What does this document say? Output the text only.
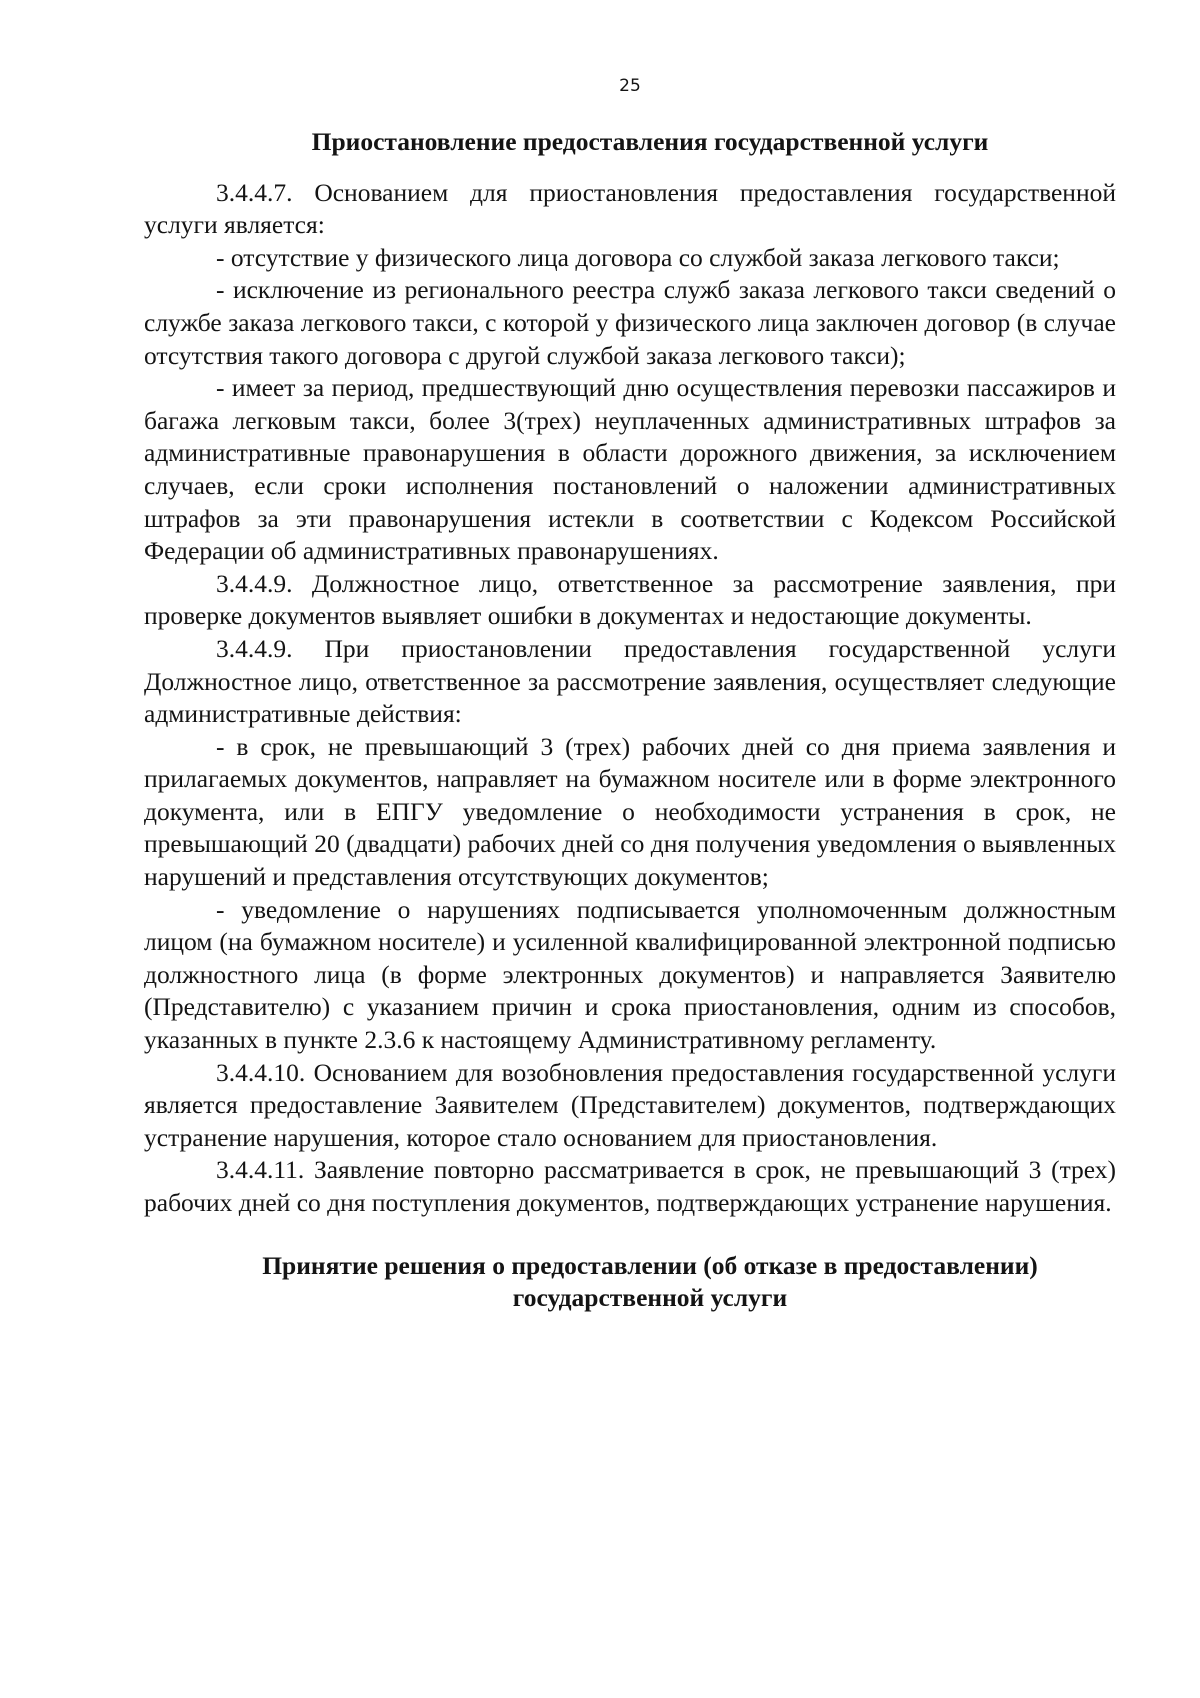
25
Приостановление предоставления государственной услуги

3.4.4.7. Основанием для приостановления предоставления государственной услуги является:

- отсутствие у физического лица договора со службой заказа легкового такси;

- исключение из регионального реестра служб заказа легкового такси сведений о службе заказа легкового такси, с которой у физического лица заключен договор (в случае отсутствия такого договора с другой службой заказа легкового такси);

- имеет за период, предшествующий дню осуществления перевозки пассажиров и багажа легковым такси, более 3(трех) неуплаченных административных штрафов за административные правонарушения в области дорожного движения, за исключением случаев, если сроки исполнения постановлений о наложении административных штрафов за эти правонарушения истекли в соответствии с Кодексом Российской Федерации об административных правонарушениях.

3.4.4.9. Должностное лицо, ответственное за рассмотрение заявления, при проверке документов выявляет ошибки в документах и недостающие документы.

3.4.4.9. При приостановлении предоставления государственной услуги Должностное лицо, ответственное за рассмотрение заявления, осуществляет следующие административные действия:

- в срок, не превышающий 3 (трех) рабочих дней со дня приема заявления и прилагаемых документов, направляет на бумажном носителе или в форме электронного документа, или в ЕПГУ уведомление о необходимости устранения в срок, не превышающий 20 (двадцати) рабочих дней со дня получения уведомления о выявленных нарушений и представления отсутствующих документов;

- уведомление о нарушениях подписывается уполномоченным должностным лицом (на бумажном носителе) и усиленной квалифицированной электронной подписью должностного лица (в форме электронных документов) и направляется Заявителю (Представителю) с указанием причин и срока приостановления, одним из способов, указанных в пункте 2.3.6 к настоящему Административному регламенту.

3.4.4.10. Основанием для возобновления предоставления государственной услуги является предоставление Заявителем (Представителем) документов, подтверждающих устранение нарушения, которое стало основанием для приостановления.

3.4.4.11. Заявление повторно рассматривается в срок, не превышающий 3 (трех) рабочих дней со дня поступления документов, подтверждающих устранение нарушения.

Принятие решения о предоставлении (об отказе в предоставлении)
государственной услуги
